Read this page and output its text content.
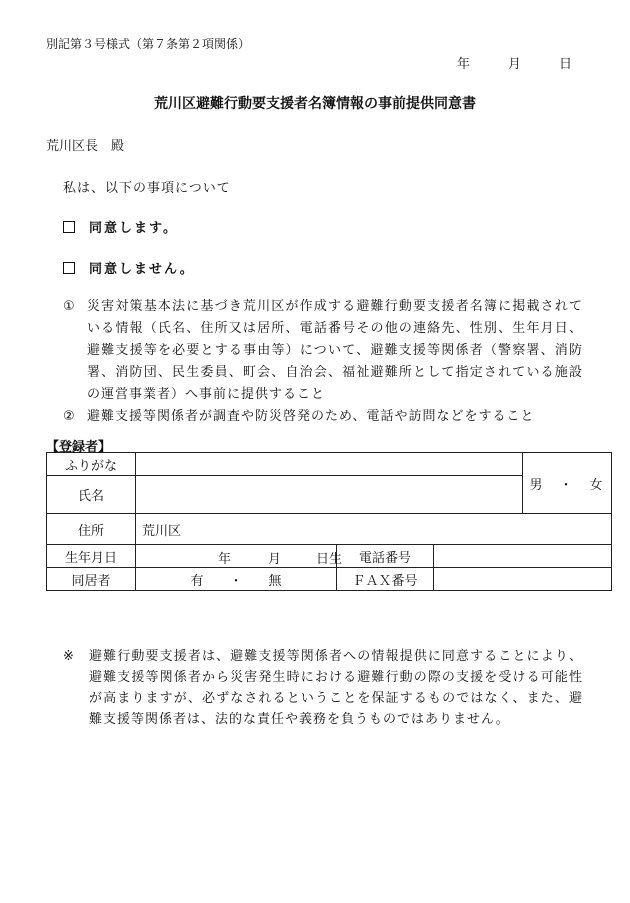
別記第３号様式（第７条第２項関係）
年	月	日
荒川区避難行動要支援者名簿情報の事前提供同意書
荒川区長　殿
私は、以下の事項について
同意します。
同意しません。
① 災害対策基本法に基づき荒川区が作成する避難行動要支援者名簿に掲載されている情報（氏名、住所又は居所、電話番号その他の連絡先、性別、生年月日、避難支援等を必要とする事由等）について、避難支援等関係者（警察署、消防署、消防団、民生委員、町会、自治会、福祉避難所として指定されている施設の運営事業者）へ事前に提供すること
② 避難支援等関係者が調査や防災啓発のため、電話や訪問などをすること
【登録者】
ふりがな				男　・　女
氏名				
住所	荒川区			
生年月日	年 月 日生	電話番号		
同居者	有　　・　　無	ＦＡＸ番号		
※	避難行動要支援者は、避難支援等関係者への情報提供に同意することにより、避難支援等関係者から災害発生時における避難行動の際の支援を受ける可能性が高まりますが、必ずなされるということを保証するものではなく、また、避難支援等関係者は、法的な責任や義務を負うものではありません。
